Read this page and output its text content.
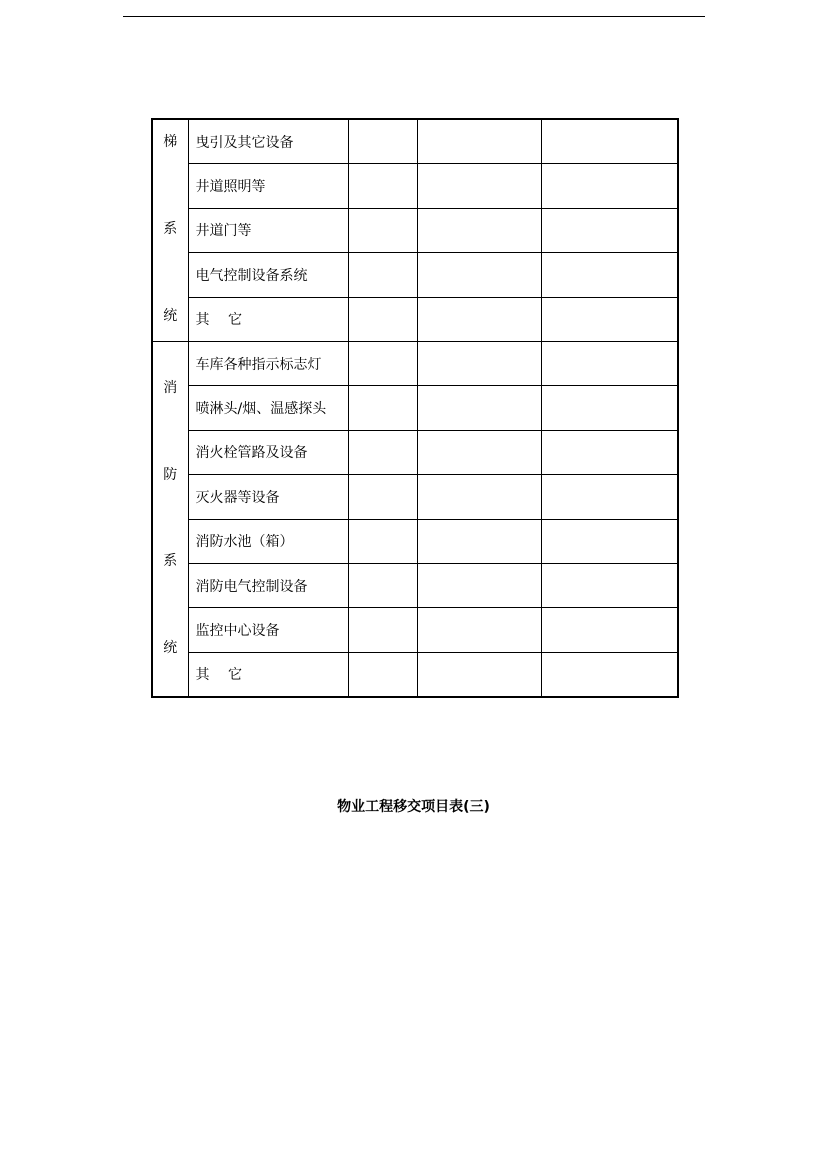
梯
系
统	曳引及其它设备			
	井道照明等			
	井道门等			
	电气控制设备系统			
	其　 它			

消
防
系
统	车库各种指示标志灯			
	喷淋头/烟、温感探头			
	消火栓管路及设备			
	灭火器等设备			
	消防水池（箱）			
	消防电气控制设备			
	监控中心设备			
	其　 它			
物业工程移交项目表(三)
